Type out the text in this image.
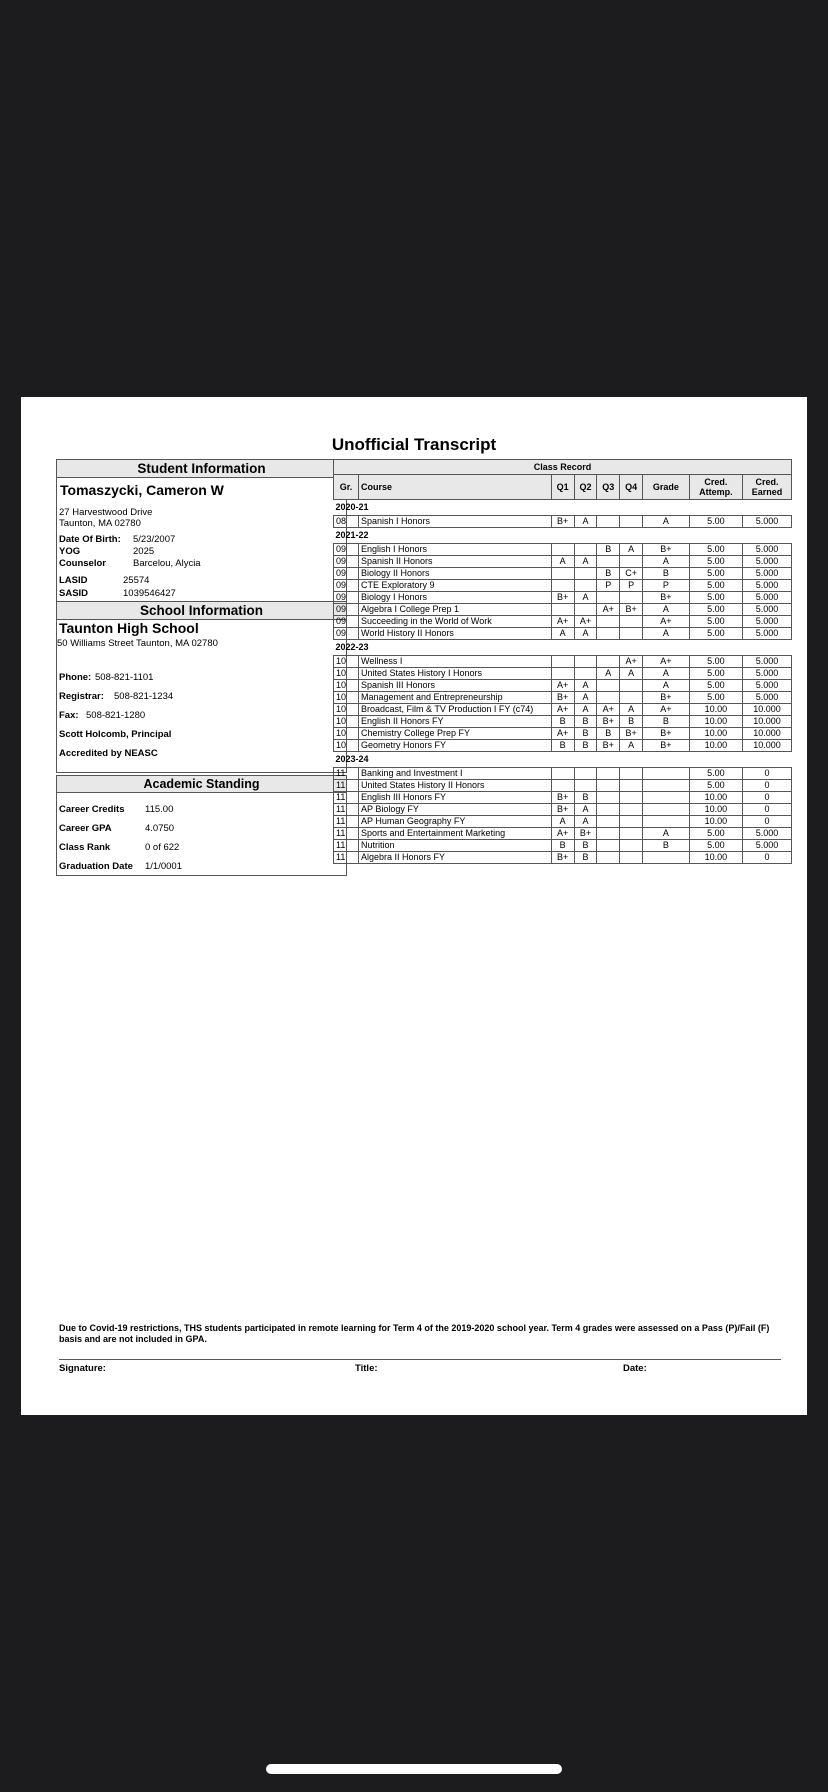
Unofficial Transcript
Student Information
Tomaszycki, Cameron W
27 Harvestwood Drive
Taunton, MA 02780
Date Of Birth: 5/23/2007
YOG	2025
Counselor	Barcelou, Alycia
LASID	25574
SASID	1039546427
School Information
Taunton High School
50 Williams Street Taunton, MA 02780
Phone: 508-821-1101
Registrar: 508-821-1234
Fax: 508-821-1280
Scott Holcomb, Principal
Accredited by NEASC
Academic Standing
Career Credits 115.00
Career GPA	4.0750
Class Rank	0 of 622
Graduation Date 1/1/0001
Class Record								
Gr.	Course	Q1	Q2	Q3	Q4	Grade	Cred. Attemp.	Cred. Earned
2020-21								
08	Spanish I Honors	B+	A			A	5.00	5.000
2021-22								
09	English I Honors			B	A	B+	5.00	5.000
09	Spanish II Honors	A	A			A	5.00	5.000
09	Biology II Honors			B	C+	B	5.00	5.000
09	CTE Exploratory 9			P	P	P	5.00	5.000
09	Biology I Honors	B+	A			B+	5.00	5.000
09	Algebra I College Prep 1			A+	B+	A	5.00	5.000
09	Succeeding in the World of Work	A+	A+			A+	5.00	5.000
09	World History II Honors	A	A			A	5.00	5.000
2022-23								
10	Wellness I				A+	A+	5.00	5.000
10	United States History I Honors			A	A	A	5.00	5.000
10	Spanish III Honors	A+	A			A	5.00	5.000
10	Management and Entrepreneurship	B+	A			B+	5.00	5.000
10	Broadcast, Film & TV Production I FY (c74)	A+	A	A+	A	A+	10.00	10.000
10	English II Honors FY	B	B	B+	B	B	10.00	10.000
10	Chemistry College Prep FY	A+	B	B	B+	B+	10.00	10.000
10	Geometry Honors FY	B	B	B+	A	B+	10.00	10.000
2023-24								
11	Banking and Investment I						5.00	0
11	United States History II Honors						5.00	0
11	English III Honors FY	B+	B				10.00	0
11	AP Biology FY	B+	A				10.00	0
11	AP Human Geography FY	A	A				10.00	0
11	Sports and Entertainment Marketing	A+	B+			A	5.00	5.000
11	Nutrition	B	B			B	5.00	5.000
11	Algebra II Honors FY	B+	B				10.00	0
Due to Covid-19 restrictions, THS students participated in remote learning for Term 4 of the 2019-2020 school year. Term 4 grades were assessed on a Pass (P)/Fail (F) basis and are not included in GPA.
Signature:	Title:	Date:
